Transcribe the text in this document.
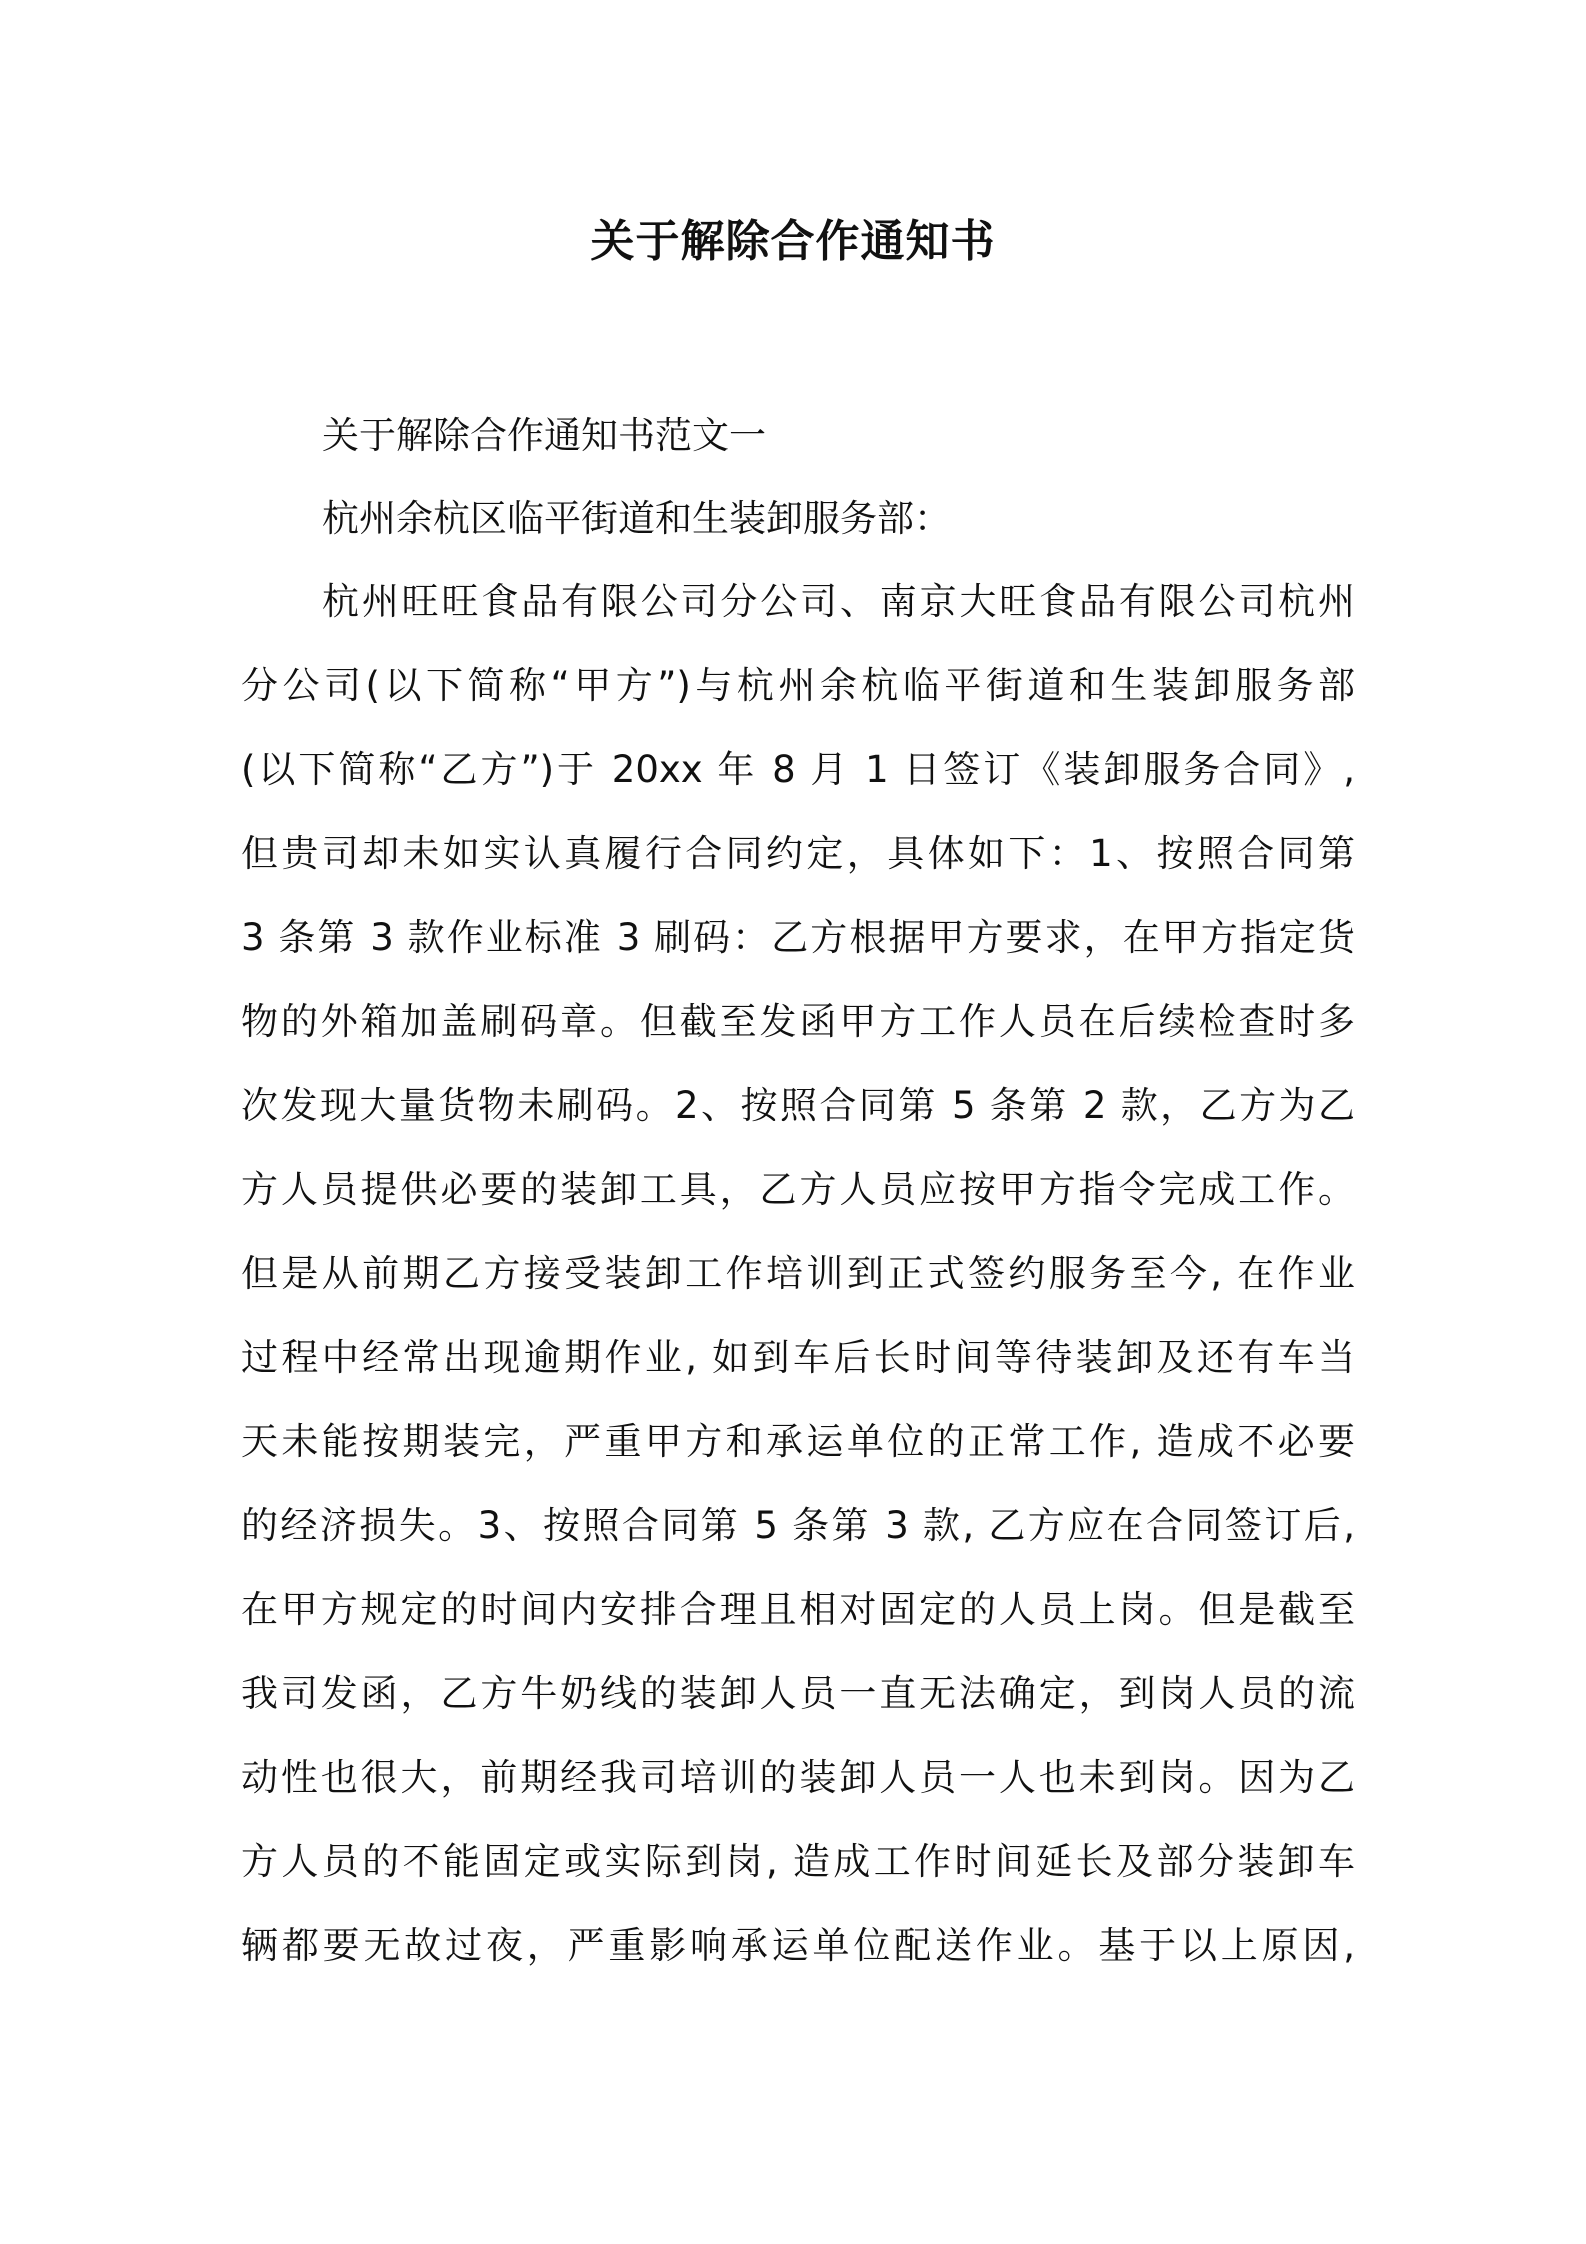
关于解除合作通知书
关于解除合作通知书范文一
杭州余杭区临平街道和生装卸服务部：
杭州旺旺食品有限公司分公司、南京大旺食品有限公司杭州
分公司(以下简称“甲方”)与杭州余杭临平街道和生装卸服务部
(以下简称“乙方”)于 20xx 年 8 月 1 日签订《装卸服务合同》,
但贵司却未如实认真履行合同约定，具体如下：1、按照合同第
3 条第 3 款作业标准 3 刷码：乙方根据甲方要求，在甲方指定货
物的外箱加盖刷码章。但截至发函甲方工作人员在后续检查时多
次发现大量货物未刷码。2、按照合同第 5 条第 2 款，乙方为乙
方人员提供必要的装卸工具，乙方人员应按甲方指令完成工作。
但是从前期乙方接受装卸工作培训到正式签约服务至今, 在作业
过程中经常出现逾期作业, 如到车后长时间等待装卸及还有车当
天未能按期装完，严重甲方和承运单位的正常工作, 造成不必要
的经济损失。3、按照合同第 5 条第 3 款, 乙方应在合同签订后,
在甲方规定的时间内安排合理且相对固定的人员上岗。但是截至
我司发函，乙方牛奶线的装卸人员一直无法确定，到岗人员的流
动性也很大，前期经我司培训的装卸人员一人也未到岗。因为乙
方人员的不能固定或实际到岗, 造成工作时间延长及部分装卸车
辆都要无故过夜，严重影响承运单位配送作业。基于以上原因,
